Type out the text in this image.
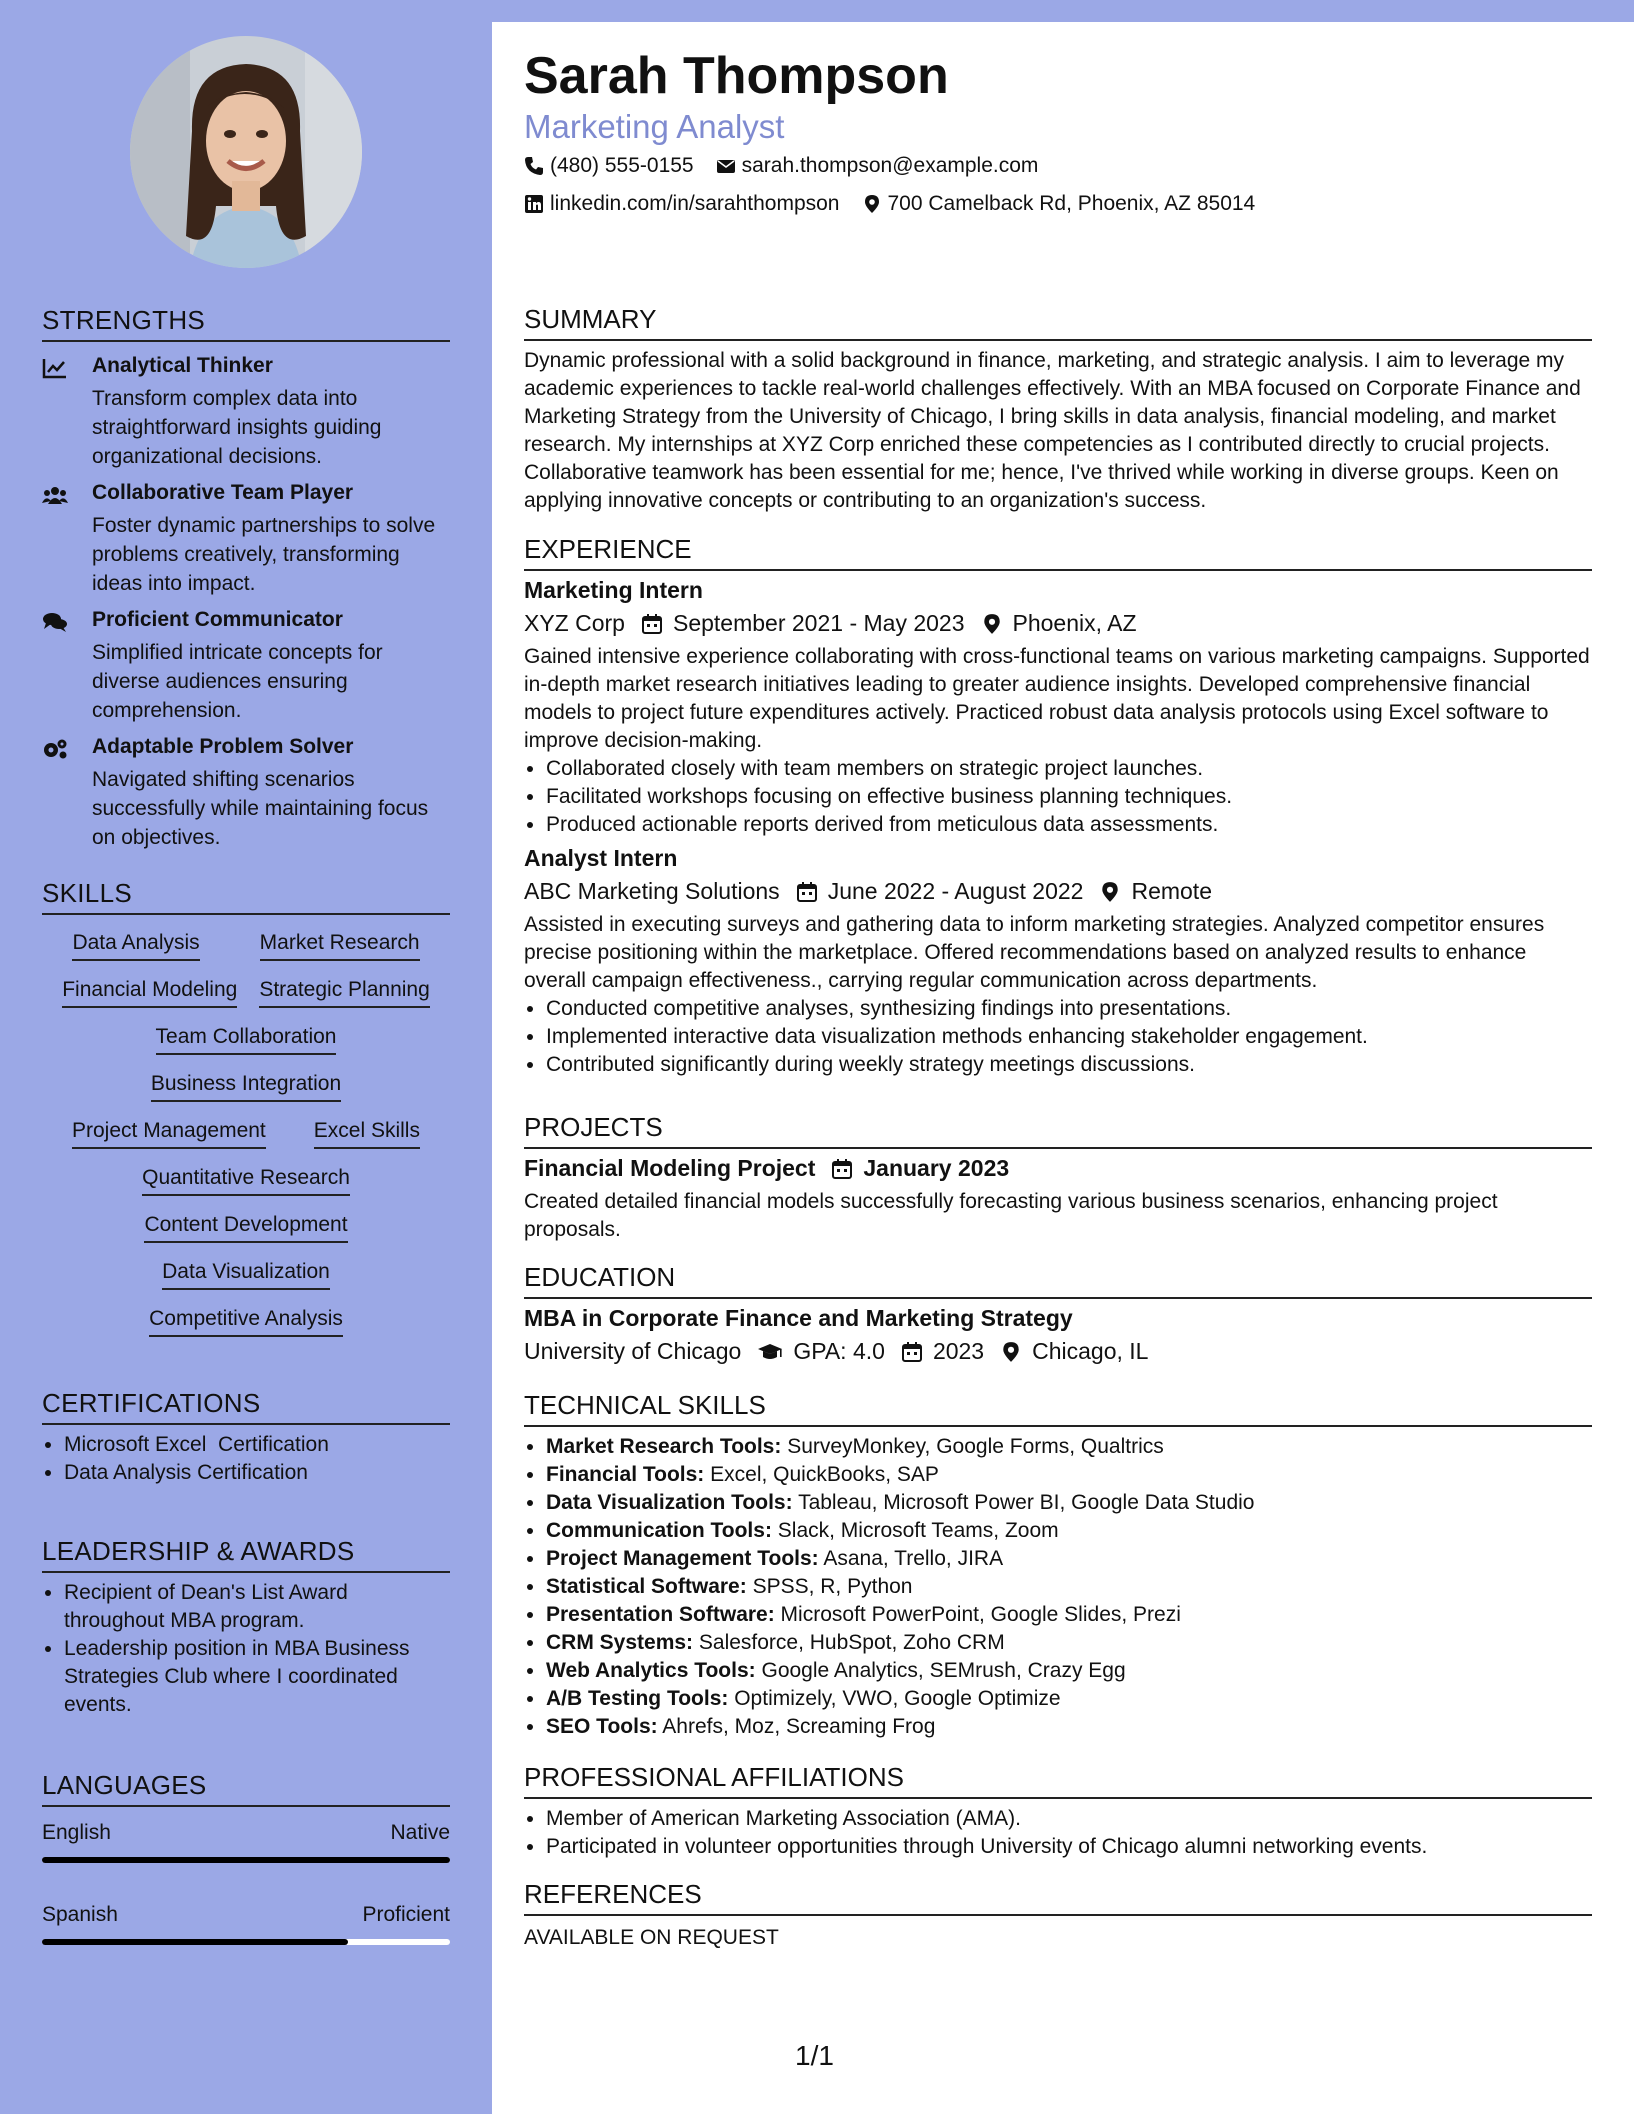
STRENGTHS
Analytical Thinker
Transform complex data into straightforward insights guiding organizational decisions.
Collaborative Team Player
Foster dynamic partnerships to solve problems creatively, transforming ideas into impact.
Proficient Communicator
Simplified intricate concepts for diverse audiences ensuring comprehension.
Adaptable Problem Solver
Navigated shifting scenarios successfully while maintaining focus on objectives.
SKILLS
Data Analysis	Market Research
Financial Modeling Strategic Planning
Team Collaboration
Business Integration
Project Management Excel Skills
Quantitative Research
Content Development
Data Visualization
Competitive Analysis
CERTIFICATIONS
• Microsoft Excel  Certification
• Data Analysis Certification
LEADERSHIP & AWARDS
• Recipient of Dean's List Award throughout MBA program.
• Leadership position in MBA Business Strategies Club where I coordinated events.
LANGUAGES
English	Native
Spanish	Proficient
Sarah Thompson
Marketing Analyst
(480) 555-0155 sarah.thompson@example.com
linkedin.com/in/sarahthompson 700 Camelback Rd, Phoenix, AZ 85014
SUMMARY

Dynamic professional with a solid background in finance, marketing, and strategic analysis. I aim to leverage my academic experiences to tackle real-world challenges effectively. With an MBA focused on Corporate Finance and Marketing Strategy from the University of Chicago, I bring skills in data analysis, financial modeling, and market research. My internships at XYZ Corp enriched these competencies as I contributed directly to crucial projects. Collaborative teamwork has been essential for me; hence, I've thrived while working in diverse groups. Keen on applying innovative concepts or contributing to an organization's success.

EXPERIENCE
Marketing Intern
XYZ Corp September 2021 - May 2023 Phoenix, AZ

Gained intensive experience collaborating with cross-functional teams on various marketing campaigns. Supported in-depth market research initiatives leading to greater audience insights. Developed comprehensive financial models to project future expenditures actively. Practiced robust data analysis protocols using Excel software to improve decision-making.

• Collaborated closely with team members on strategic project launches.
• Facilitated workshops focusing on effective business planning techniques.
• Produced actionable reports derived from meticulous data assessments.
Analyst Intern
ABC Marketing Solutions June 2022 - August 2022 Remote

Assisted in executing surveys and gathering data to inform marketing strategies. Analyzed competitor ensures precise positioning within the marketplace. Offered recommendations based on analyzed results to enhance overall campaign effectiveness., carrying regular communication across departments.

• Conducted competitive analyses, synthesizing findings into presentations.
• Implemented interactive data visualization methods enhancing stakeholder engagement.
• Contributed significantly during weekly strategy meetings discussions.
PROJECTS
Financial Modeling Project January 2023

Created detailed financial models successfully forecasting various business scenarios, enhancing project proposals.

EDUCATION
MBA in Corporate Finance and Marketing Strategy
University of Chicago GPA: 4.0 2023 Chicago, IL
TECHNICAL SKILLS
• Market Research Tools: SurveyMonkey, Google Forms, Qualtrics
• Financial Tools: Excel, QuickBooks, SAP
• Data Visualization Tools: Tableau, Microsoft Power BI, Google Data Studio
• Communication Tools: Slack, Microsoft Teams, Zoom
• Project Management Tools: Asana, Trello, JIRA
• Statistical Software: SPSS, R, Python
• Presentation Software: Microsoft PowerPoint, Google Slides, Prezi
• CRM Systems: Salesforce, HubSpot, Zoho CRM
• Web Analytics Tools: Google Analytics, SEMrush, Crazy Egg
• A/B Testing Tools: Optimizely, VWO, Google Optimize
• SEO Tools: Ahrefs, Moz, Screaming Frog
PROFESSIONAL AFFILIATIONS
• Member of American Marketing Association (AMA).
• Participated in volunteer opportunities through University of Chicago alumni networking events.
REFERENCES

AVAILABLE ON REQUEST

1/1
